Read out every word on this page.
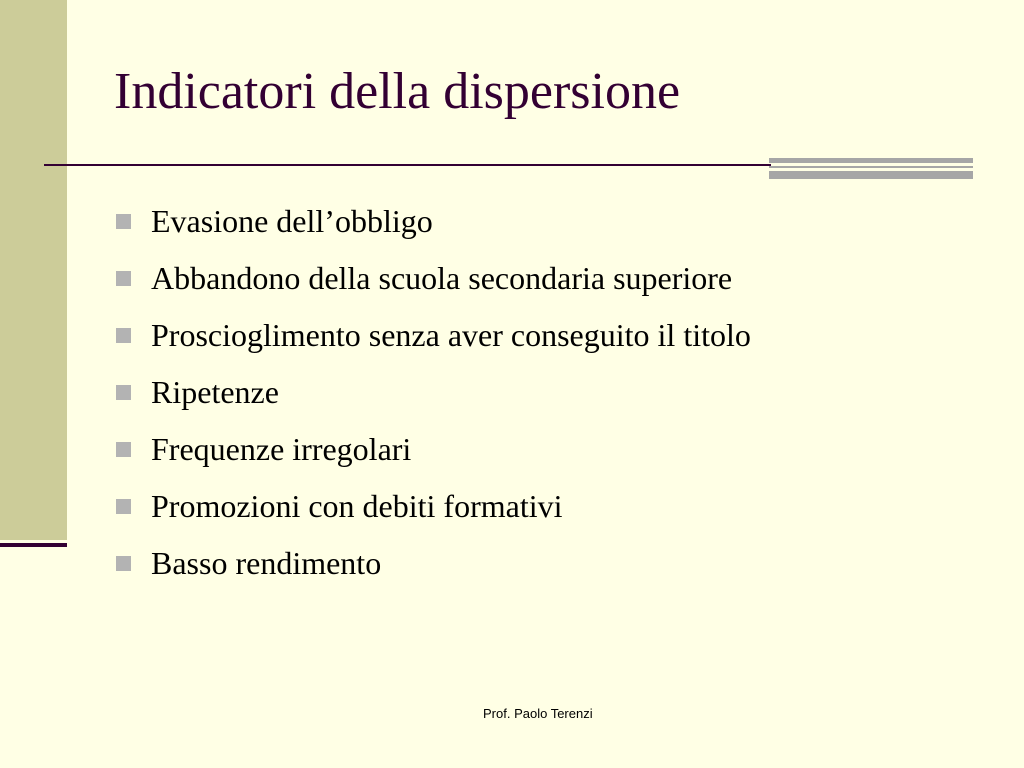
Indicatori della dispersione
Evasione dell’obbligo
Abbandono della scuola secondaria superiore
Proscioglimento senza aver conseguito il titolo
Ripetenze
Frequenze irregolari
Promozioni con debiti formativi
Basso rendimento
Prof. Paolo Terenzi
